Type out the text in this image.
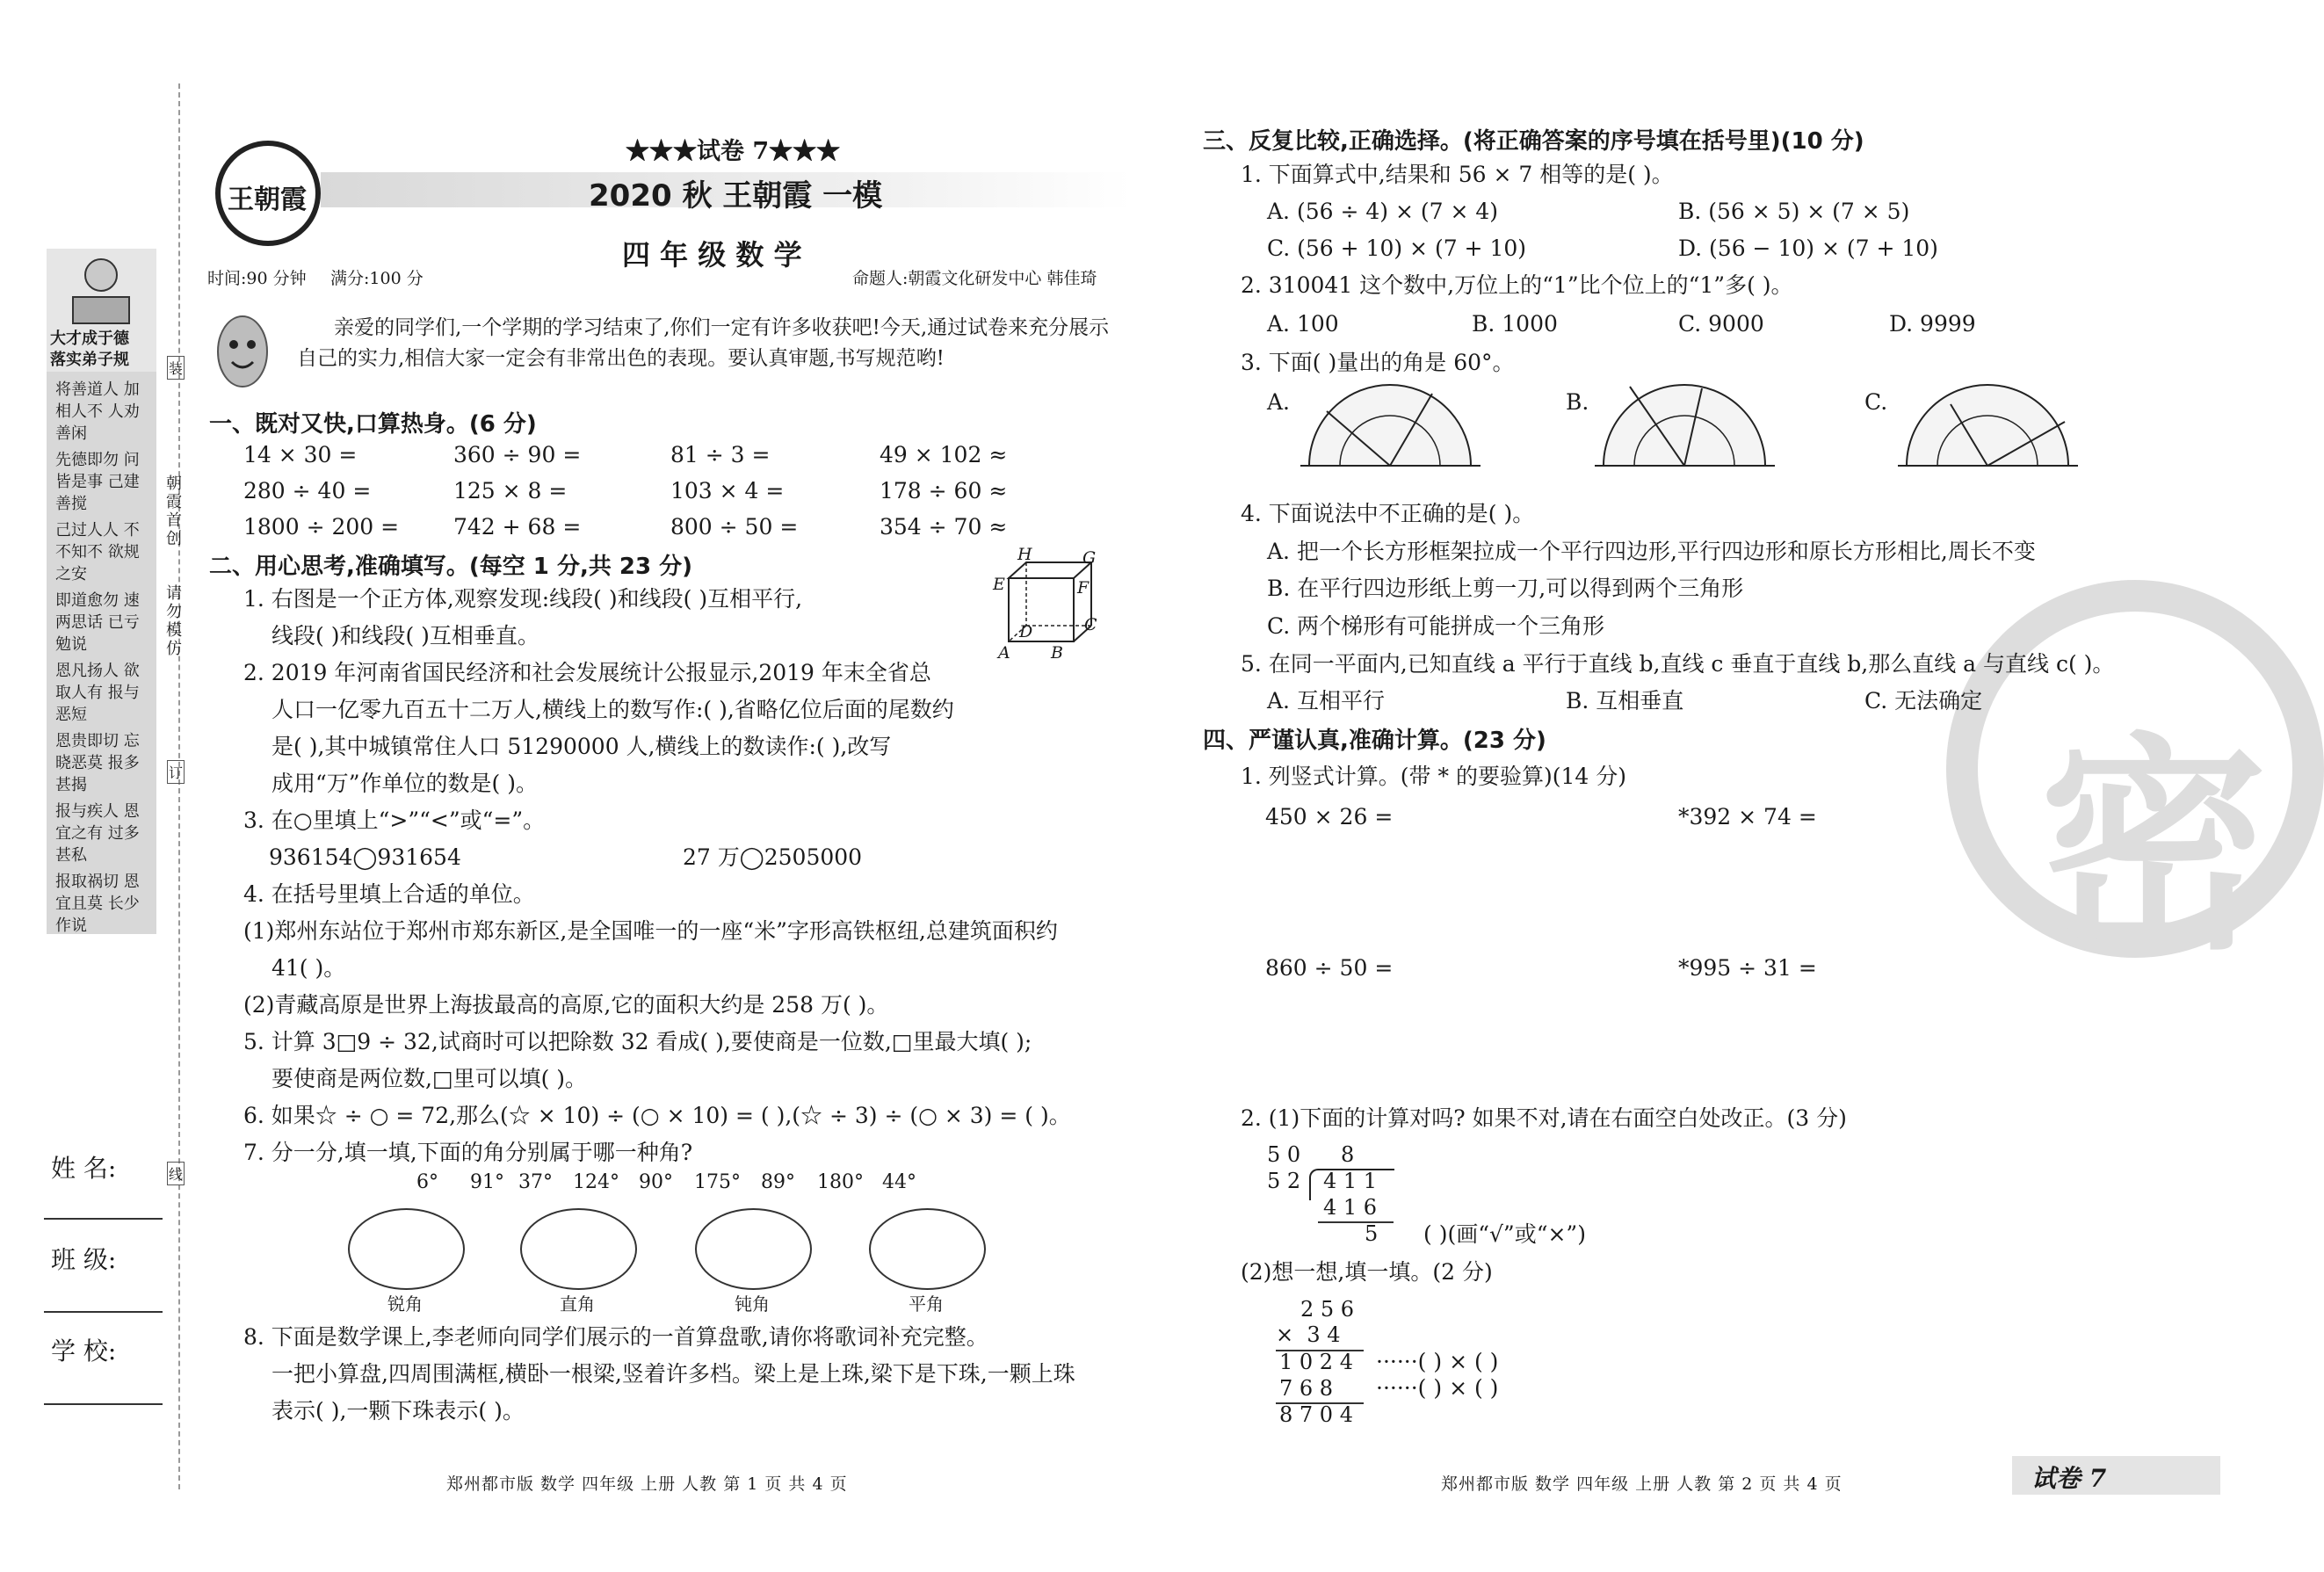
密
王朝霞
★★★试卷 7★★★
2020 秋 王朝霞 一模
四 年 级 数 学
时间:90 分钟 满分:100 分	命题人:朝霞文化研发中心 韩佳琦
亲爱的同学们,一个学期的学习结束了,你们一定有许多收获吧!今天,通过试卷来充分展示
自己的实力,相信大家一定会有非常出色的表现。要认真审题,书写规范哟!
大才成于德
落实弟子规
将善道人 加相人不 人劝善闲
先德即勿 问皆是事 己建善搅
己过人人 不不知不 欲规之安
即道愈勿 速两思话 已亏勉说
恩凡扬人 欲取人有 报与恶短
恩贵即切 忘晓恶莫 报多甚揭
报与疾人 恩宜之有 过多甚私
报取祸切 恩宜且莫 长少作说
朝霞首创
请勿模仿
装
订
线
姓 名:
班 级:
学 校:
一、既对又快,口算热身。(6 分)
14 × 30 =	360 ÷ 90 =	81 ÷ 3 =	49 × 102 ≈
280 ÷ 40 =	125 × 8 =	103 × 4 =	178 ÷ 60 ≈
1800 ÷ 200 = 742 + 68 =	800 ÷ 50 =	354 ÷ 70 ≈
二、用心思考,准确填写。(每空 1 分,共 23 分)
1. 右图是一个正方体,观察发现:线段( )和线段( )互相平行,
线段( )和线段( )互相垂直。
H	G
E	F
D	C
A B
2. 2019 年河南省国民经济和社会发展统计公报显示,2019 年末全省总
人口一亿零九百五十二万人,横线上的数写作:( ),省略亿位后面的尾数约
是( ),其中城镇常住人口 51290000 人,横线上的数读作:( ),改写
成用“万”作单位的数是( )。
3. 在○里填上“>”“<”或“=”。
936154◯931654	27 万◯2505000
4. 在括号里填上合适的单位。
(1)郑州东站位于郑州市郑东新区,是全国唯一的一座“米”字形高铁枢纽,总建筑面积约
41( )。
(2)青藏高原是世界上海拔最高的高原,它的面积大约是 258 万( )。
5. 计算 3□9 ÷ 32,试商时可以把除数 32 看成( ),要使商是一位数,□里最大填( );
要使商是两位数,□里可以填( )。
6. 如果☆ ÷ ○ = 72,那么(☆ × 10) ÷ (○ × 10) = ( ),(☆ ÷ 3) ÷ (○ × 3) = ( )。
7. 分一分,填一填,下面的角分别属于哪一种角?
6° 91° 37° 124° 90° 175° 89° 180° 44°
锐角	直角	钝角	平角
8. 下面是数学课上,李老师向同学们展示的一首算盘歌,请你将歌词补充完整。
一把小算盘,四周围满框,横卧一根梁,竖着许多档。梁上是上珠,梁下是下珠,一颗上珠
表示( ),一颗下珠表示( )。
郑州都市版 数学 四年级 上册 人教 第 1 页 共 4 页
三、反复比较,正确选择。(将正确答案的序号填在括号里)(10 分)
1. 下面算式中,结果和 56 × 7 相等的是( )。
A. (56 ÷ 4) × (7 × 4)	B. (56 × 5) × (7 × 5)
C. (56 + 10) × (7 + 10)	D. (56 − 10) × (7 + 10)
2. 310041 这个数中,万位上的“1”比个位上的“1”多( )。
A. 100	B. 1000	C. 9000	D. 9999
3. 下面( )量出的角是 60°。
A.	B.	C.
4. 下面说法中不正确的是( )。
A. 把一个长方形框架拉成一个平行四边形,平行四边形和原长方形相比,周长不变
B. 在平行四边形纸上剪一刀,可以得到两个三角形
C. 两个梯形有可能拼成一个三角形
5. 在同一平面内,已知直线 a 平行于直线 b,直线 c 垂直于直线 b,那么直线 a 与直线 c( )。
A. 互相平行	B. 互相垂直	C. 无法确定
四、严谨认真,准确计算。(23 分)
1. 列竖式计算。(带 * 的要验算)(14 分)
450 × 26 =	*392 × 74 =
860 ÷ 50 =	*995 ÷ 31 =
2. (1)下面的计算对吗? 如果不对,请在右面空白处改正。(3 分)
5 0      8
5 2 4 1 1
4 1 6
5 ( )(画“√”或“×”)
(2)想一想,填一填。(2 分)
2 5 6
×  3 4
1 0 2 4 ······( ) × ( )
7 6 8 ······( ) × ( )
8 7 0 4
郑州都市版 数学 四年级 上册 人教 第 2 页 共 4 页	试卷 7
